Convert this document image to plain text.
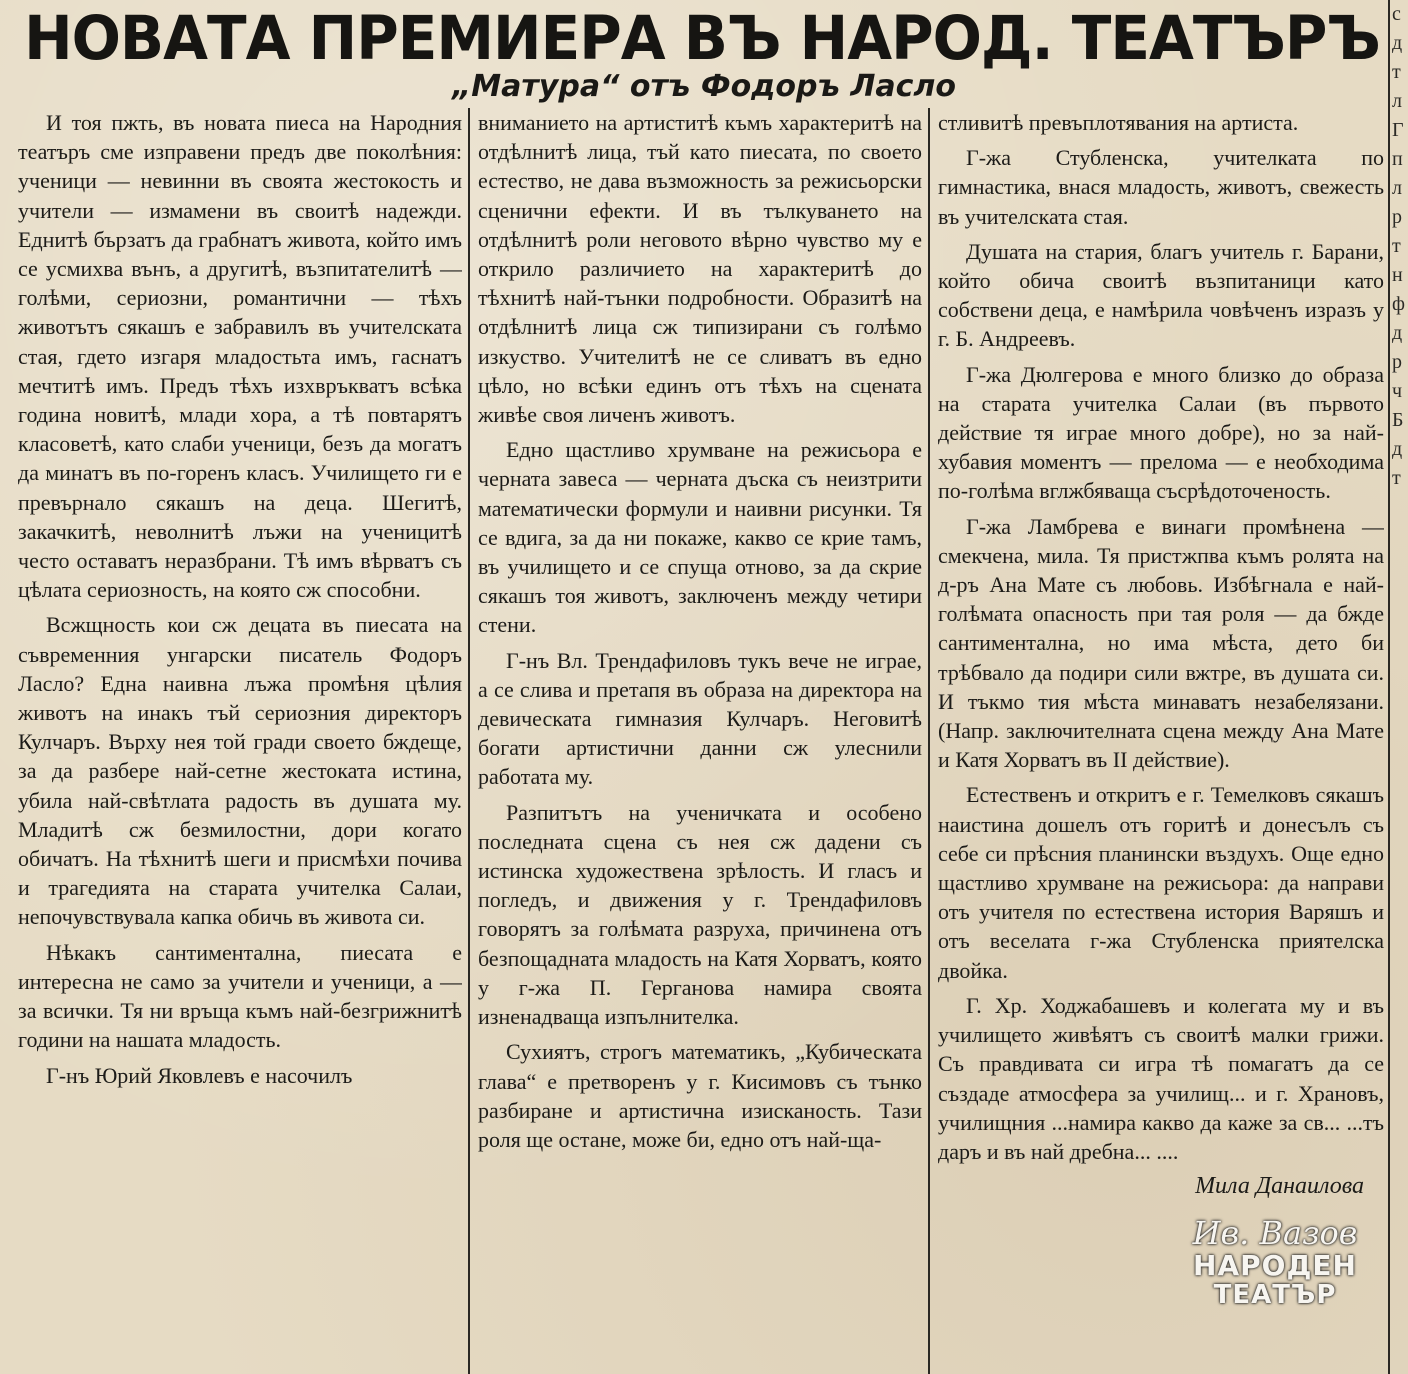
НОВАТА ПРЕМИЕРА ВЪ НАРОД. ТЕАТЪРЪ
„Матура“ отъ Фодоръ Ласло

И тоя пжть, въ новата пиеса на Народния театъръ сме изправени предъ две поколѣния: ученици — невинни въ своята жестокость и учители — измамени въ своитѣ надежди. Еднитѣ бързатъ да грабнатъ живота, който имъ се усмихва вънъ, а другитѣ, възпитателитѣ — голѣми, сериозни, романтични — тѣхъ животътъ сякашъ е забравилъ въ учителската стая, гдето изгаря младостьта имъ, гаснатъ мечтитѣ имъ. Предъ тѣхъ изхвръкватъ всѣка година новитѣ, млади хора, а тѣ повтарятъ класоветѣ, като слаби ученици, безъ да могатъ да минатъ въ по-горенъ класъ. Училището ги е превърнало сякашъ на деца. Шегитѣ, закачкитѣ, неволнитѣ лъжи на ученицитѣ често оставатъ неразбрани. Тѣ имъ вѣрватъ съ цѣлата сериозность, на която сж способни.

Всжщность кои сж децата въ пиесата на съвременния унгарски писатель Фодоръ Ласло? Една наивна лъжа промѣня цѣлия животъ на инакъ тъй сериозния директоръ Кулчаръ. Върху нея той гради своето бждеще, за да разбере най-сетне жестоката истина, убила най-свѣтлата радость въ душата му. Младитѣ сж безмилостни, дори когато обичатъ. На тѣхнитѣ шеги и присмѣхи почива и трагедията на старата учителка Салаи, непочувствувала капка обичь въ живота си.

Нѣкакъ сантиментална, пиесата е интересна не само за учители и ученици, а — за всички. Тя ни връща къмъ най-безгрижнитѣ години на нашата младость.

Г-нъ Юрий Яковлевъ е насочилъ

вниманието на артиститѣ къмъ характеритѣ на отдѣлнитѣ лица, тъй като пиесата, по своето естество, не дава възможность за режисьорски сценични ефекти. И въ тълкуването на отдѣлнитѣ роли неговото вѣрно чувство му е открило различието на характеритѣ до тѣхнитѣ най-тънки подробности. Образитѣ на отдѣлнитѣ лица сж типизирани съ голѣмо изкуство. Учителитѣ не се сливатъ въ едно цѣло, но всѣки единъ отъ тѣхъ на сцената живѣе своя личенъ животъ.

Едно щастливо хрумване на режисьора е черната завеса — черната дъска съ неизтрити математически формули и наивни рисунки. Тя се вдига, за да ни покаже, какво се крие тамъ, въ училището и се спуща отново, за да скрие сякашъ тоя животъ, заключенъ между четири стени.

Г-нъ Вл. Трендафиловъ тукъ вече не играе, а се слива и претапя въ образа на директора на девическата гимназия Кулчаръ. Неговитѣ богати артистични данни сж улеснили работата му.

Разпитътъ на ученичката и особено последната сцена съ нея сж дадени съ истинска художествена зрѣлость. И гласъ и погледъ, и движения у г. Трендафиловъ говорятъ за голѣмата разруха, причинена отъ безпощадната младость на Катя Хорватъ, която у г-жа П. Герганова намира своята изненадваща изпълнителка.

Сухиятъ, строгъ математикъ, „Кубическата глава“ е претворенъ у г. Кисимовъ съ тънко разбиране и артистична изисканость. Тази роля ще остане, може би, едно отъ най-ща-

стливитѣ превъплотявания на артиста.

Г-жа Стубленска, учителката по гимнастика, внася младость, животъ, свежесть въ учителската стая.

Душата на стария, благъ учитель г. Барани, който обича своитѣ възпитаници като собствени деца, е намѣрила човѣченъ изразъ у г. Б. Андреевъ.

Г-жа Дюлгерова е много близко до образа на старата учителка Салаи (въ първото действие тя играе много добре), но за най-хубавия моментъ — прелома — е необходима по-голѣма вглжбяваща съсрѣдоточеность.

Г-жа Ламбрева е винаги промѣнена — смекчена, мила. Тя пристжпва къмъ ролята на д-ръ Ана Мате съ любовь. Избѣгнала е най-голѣмата опасность при тая роля — да бжде сантиментална, но има мѣста, дето би трѣбвало да подири сили вжтре, въ душата си. И тъкмо тия мѣста минаватъ незабелязани. (Напр. заключителната сцена между Ана Мате и Катя Хорватъ въ II действие).

Естественъ и откритъ е г. Темелковъ сякашъ наистина дошелъ отъ горитѣ и донесълъ съ себе си прѣсния планински въздухъ. Още едно щастливо хрумване на режисьора: да направи отъ учителя по естествена история Варяшъ и отъ веселата г-жа Стубленска приятелска двойка.

Г. Хр. Ходжабашевъ и колегата му и въ училището живѣятъ съ своитѣ малки грижи. Съ правдивата си игра тѣ помагатъ да се създаде атмосфера за училищ... и г. Храновъ, училищния ...намира какво да каже за св... ...тъ даръ и въ най дребна... ....

Мила Данаилова
с д т л Г п л р т н ф д р ч Б д т
Ив. Вазов
НАРОДЕН
ТЕАТЪР
